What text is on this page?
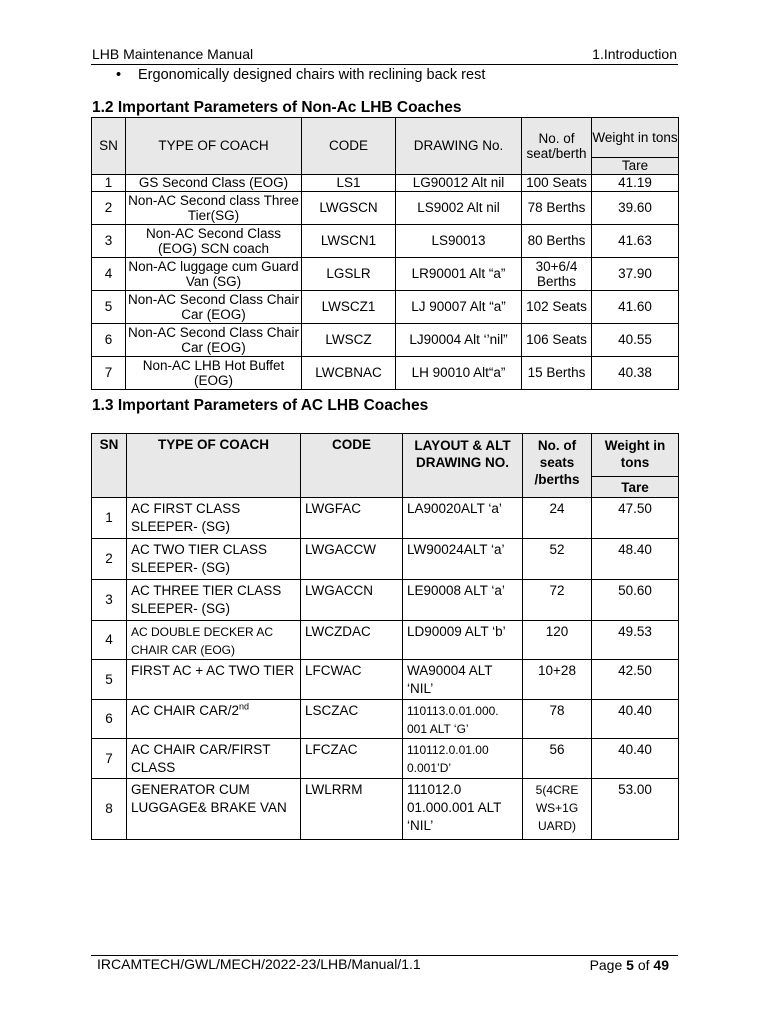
LHB Maintenance Manual	1.Introduction
• Ergonomically designed chairs with reclining back rest
1.2 Important Parameters of Non-Ac LHB Coaches
SN	TYPE OF COACH	CODE	DRAWING No.	No. of seat/berth	Weight in tons
					Tare
1	GS Second Class (EOG)	LS1	LG90012 Alt nil	100 Seats	41.19
2	Non-AC Second class Three Tier(SG)	LWGSCN	LS9002 Alt nil	78 Berths	39.60
3	Non-AC Second Class (EOG) SCN coach	LWSCN1	LS90013	80 Berths	41.63
4	Non-AC luggage cum Guard Van (SG)	LGSLR	LR90001 Alt “a”	30+6/4 Berths	37.90
5	Non-AC Second Class Chair Car (EOG)	LWSCZ1	LJ 90007 Alt “a”	102 Seats	41.60
6	Non-AC Second Class Chair Car (EOG)	LWSCZ	LJ90004 Alt ‘’nil”	106 Seats	40.55
7	Non-AC LHB Hot Buffet (EOG)	LWCBNAC	LH 90010 Alt“a”	15 Berths	40.38
1.3 Important Parameters of AC LHB Coaches
SN	TYPE OF COACH	CODE	LAYOUT & ALT DRAWING NO.	No. of seats /berths	Weight in tons
					Tare
1	AC FIRST CLASS SLEEPER- (SG)	LWGFAC	LA90020ALT ‘a’	24	47.50
2	AC TWO TIER CLASS SLEEPER- (SG)	LWGACCW	LW90024ALT ‘a’	52	48.40
3	AC THREE TIER CLASS SLEEPER- (SG)	LWGACCN	LE90008 ALT ‘a’	72	50.60
4	AC DOUBLE DECKER AC CHAIR CAR (EOG)	LWCZDAC	LD90009 ALT ‘b’	120	49.53
5	FIRST AC + AC TWO TIER	LFCWAC	WA90004 ALT ‘NIL’	10+28	42.50
6	AC CHAIR CAR/2nd	LSCZAC	110113.0.01.000. 001 ALT ‘G’	78	40.40
7	AC CHAIR CAR/FIRST CLASS	LFCZAC	110112.0.01.00 0.001’D’	56	40.40
8	GENERATOR CUM LUGGAGE& BRAKE VAN	LWLRRM	111012.0 01.000.001 ALT ‘NIL’	5(4CRE WS+1G UARD)	53.00
IRCAMTECH/GWL/MECH/2022-23/LHB/Manual/1.1	Page 5 of 49
